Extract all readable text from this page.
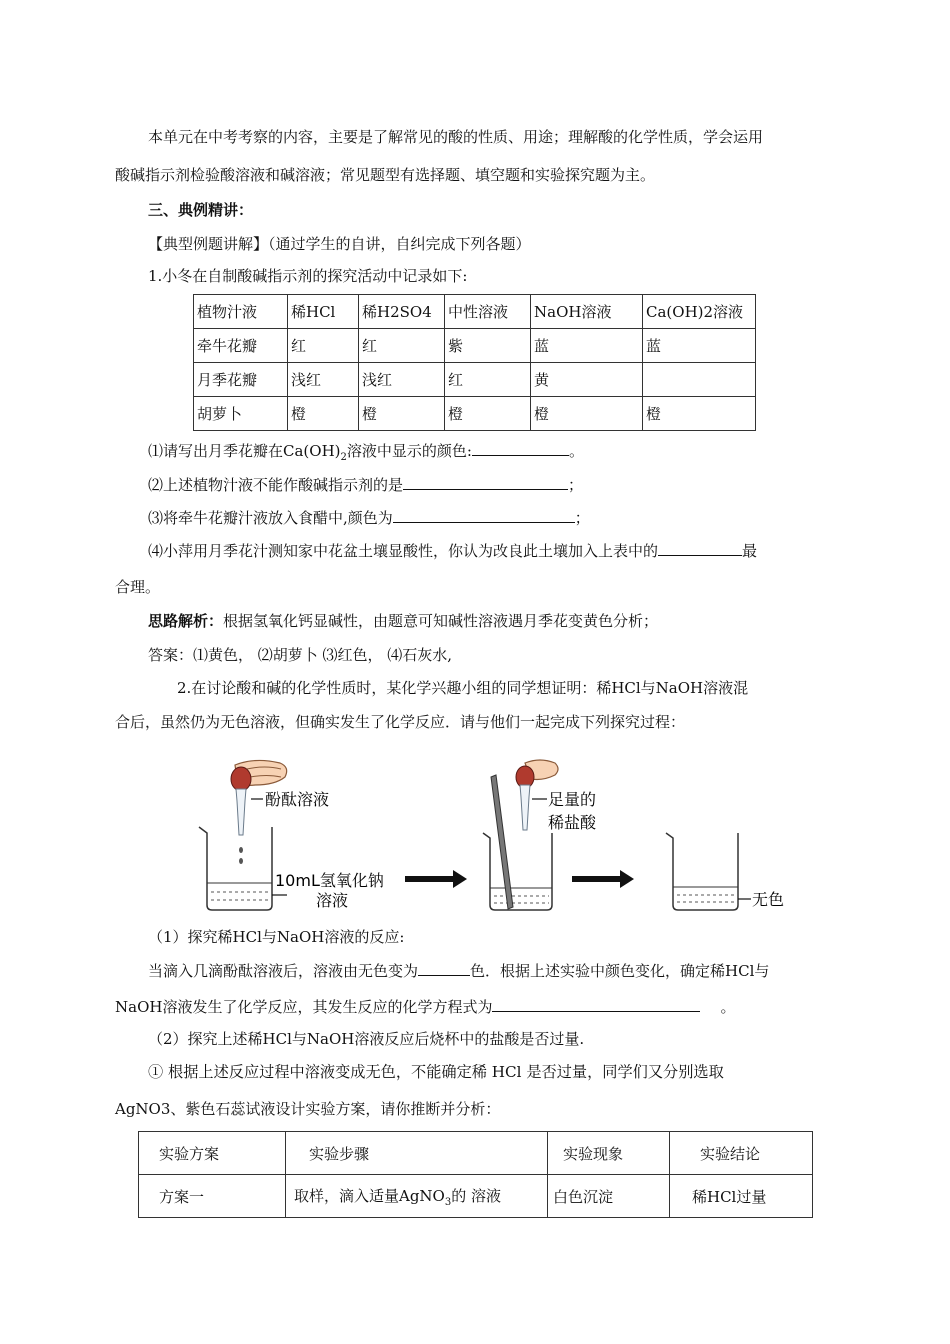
本单元在中考考察的内容，主要是了解常见的酸的性质、用途；理解酸的化学性质，学会运用
酸碱指示剂检验酸溶液和碱溶液；常见题型有选择题、填空题和实验探究题为主。
三、典例精讲：
【典型例题讲解】（通过学生的自讲，自纠完成下列各题）
1.小冬在自制酸碱指示剂的探究活动中记录如下:
植物汁液	稀HCl	稀H2SO4	中性溶液	NaOH溶液	Ca(OH)2溶液
牵牛花瓣	红	红	紫	蓝	蓝
月季花瓣	浅红	浅红	红	黄	
胡萝卜	橙	橙	橙	橙	橙
⑴请写出月季花瓣在$Ca(OH)_2$溶液中显示的颜色:	。
⑵上述植物汁液不能作酸碱指示剂的是	；
⑶将牵牛花瓣汁液放入食醋中,颜色为	；
⑷小萍用月季花汁测知家中花盆土壤显酸性，你认为改良此土壤加入上表中的	最
合理。
思路解析：根据氢氧化钙显碱性，由题意可知碱性溶液遇月季花变黄色分析；
答案：⑴黄色， ⑵胡萝卜 ⑶红色， ⑷石灰水,
2.在讨论酸和碱的化学性质时，某化学兴趣小组的同学想证明：稀HCl与NaOH溶液混
合后，虽然仍为无色溶液，但确实发生了化学反应．请与他们一起完成下列探究过程：
酚酞溶液
10mL氢氧化钠
溶液
足量的
稀盐酸
无色
（1）探究稀HCl与NaOH溶液的反应:
当滴入几滴酚酞溶液后，溶液由无色变为	色．根据上述实验中颜色变化，确定稀HCl与
NaOH溶液发生了化学反应，其发生反应的化学方程式为	。
（2）探究上述稀HCl与NaOH溶液反应后烧杯中的盐酸是否过量.
① 根据上述反应过程中溶液变成无色，不能确定稀 HCl 是否过量，同学们又分别选取
AgNO3、紫色石蕊试液设计实验方案，请你推断并分析：
实验方案	实验步骤	实验现象	实验结论
方案一	取样，滴入适量AgNO$_3$的 溶液	白色沉淀	稀HCl过量
